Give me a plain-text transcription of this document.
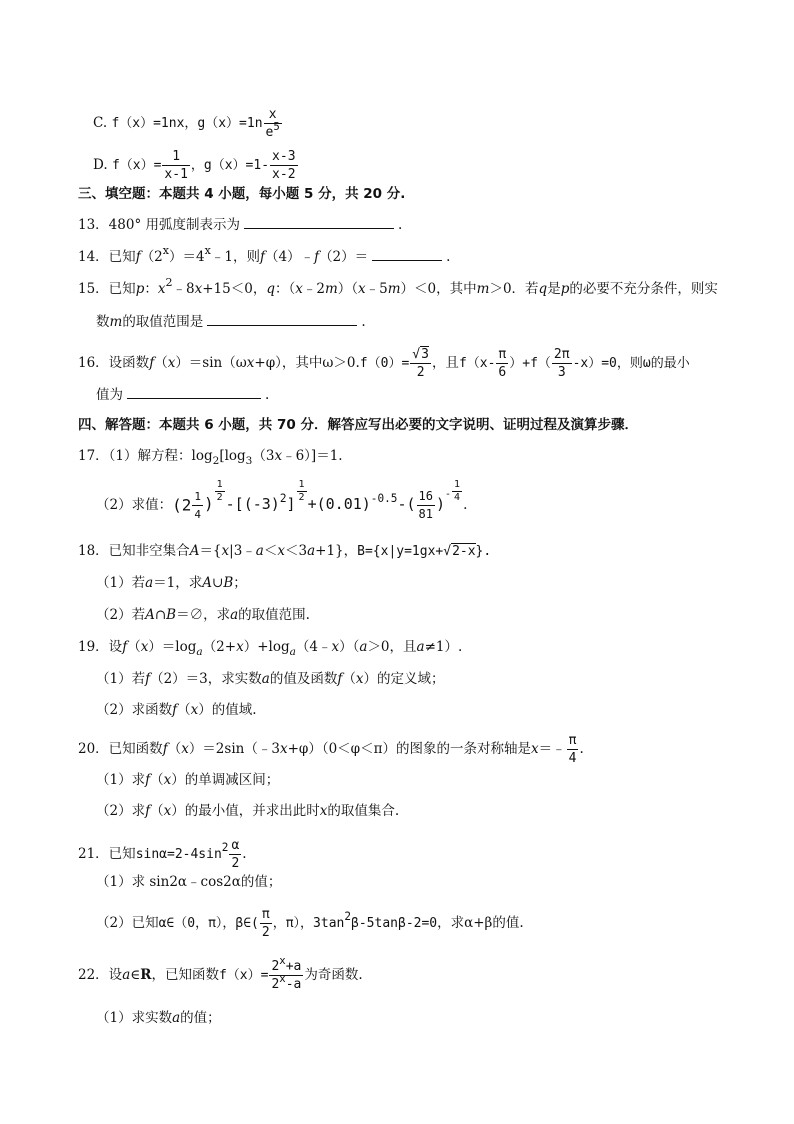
C. f（x）=1nx，$g(x)=1n \frac{x}{e^5}$
D. $f(x)= \frac{1}{x-1}$ ，$g(x)=1- \frac{x-3}{x-2}$
三、填空题：本题共 4 小题，每小题 5 分，共 20 分.
13．480° 用弧度制表示为	.
14．已知$f(2^x)=4^x﹣1$，则f（4）﹣f（2）＝	.
15．已知p：$x^2﹣8x+15<0$，q：（x﹣2m）（x﹣5m）＜0，其中m＞0．若q是p的必要不充分条件，则实
数m的取值范围是	.
16．设函数f（x）＝sin（ωx+φ），其中$\omega>0.f(0)= \frac{√3}{2}$ ，且$f(x- \frac{\pi}{6} )+f( \frac{2\pi}{3} -x)=0$，则ω的最小
值为	.
四、解答题：本题共 6 小题，共 70 分．解答应写出必要的文字说明、证明过程及演算步骤．
17．（1）解方程：$\log_2[\log_3(3x﹣6)]=1$.
（2）求值：($2 \frac{1}{4}$ ) $\frac{1}{2} -[(-3)^2] \frac{1}{2} +(0.01)^{-0.5}-( \frac{16}{81} )^- \frac{1}{4}$
.
18．已知非空集合A＝{x|3﹣a＜x＜3a+1}，B={x|y=1gx+√2-x}.
（1）若a＝1，求A∪B；
（2）若A∩B＝∅，求a的取值范围.
19．设$f(x)=\log_a(2+x)+\log_a(4﹣x)(a>0$，且a≠1）.
（1）若f（2）＝3，求实数a的值及函数f（x）的定义域；
（2）求函数f（x）的值域.
20．已知函数f（x）＝2sin（﹣3x+φ）（0＜φ＜π）的图象的一条对称轴是x＝﹣ $\frac{\pi}{4}$ .
（1）求f（x）的单调减区间；
（2）求f（x）的最小值，并求出此时x的取值集合.
21．已知$\sin\alpha=2-4\sin^2 \frac{\alpha}{2}$ .
（1）求 sin2α﹣cos2α的值；
（2）已知α∈（0，π），β∈( $\frac{\pi}{2}$ ，π），$3\tan^2\beta-5\tan\beta-2=0$，求α+β的值.
22．设a∈R，已知函数$f(x)= \frac{2^x+a}{2^x-a}$ 为奇函数.
（1）求实数a的值；
